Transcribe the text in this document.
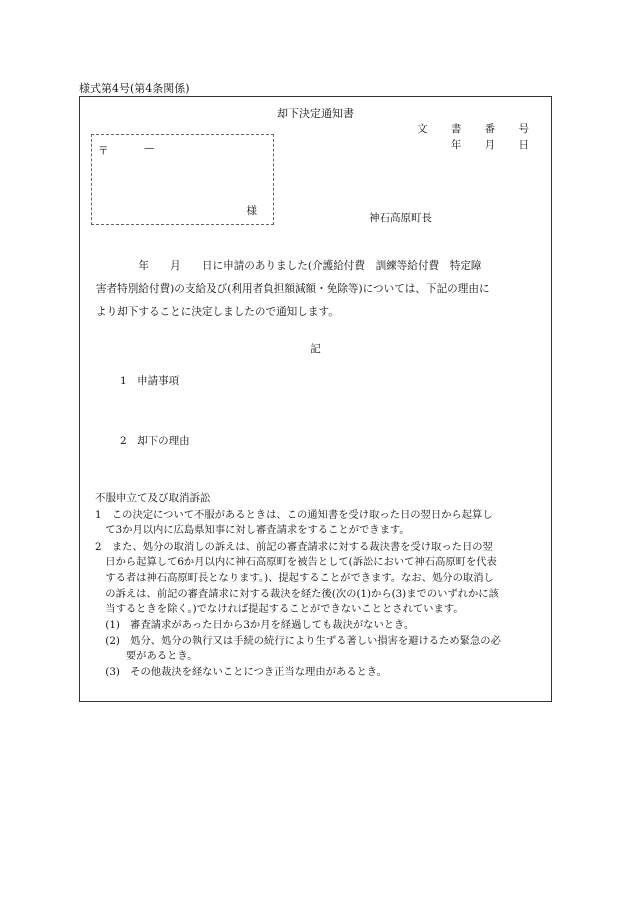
様式第4号(第4条関係)
却下決定通知書
文 書 番 号
年 月 日
〒	—
様
神石高原町長
　　　　年　　月　　日に申請のありました(介護給付費　訓練等給付費　特定障
害者特別給付費)の支給及び(利用者負担額減額・免除等)については、下記の理由に
より却下することに決定しましたので通知します。
記
1　申請事項
2　却下の理由
不服申立て及び取消訴訟
1　この決定について不服があるときは、この通知書を受け取った日の翌日から起算し
　て3か月以内に広島県知事に対し審査請求をすることができます。
2　また、処分の取消しの訴えは、前記の審査請求に対する裁決書を受け取った日の翌
　日から起算して6か月以内に神石高原町を被告として(訴訟において神石高原町を代表
　する者は神石高原町長となります。)、提起することができます。なお、処分の取消し
　の訴えは、前記の審査請求に対する裁決を経た後(次の(1)から(3)までのいずれかに該
　当するときを除く。)でなければ提起することができないこととされています。
　(1)　審査請求があった日から3か月を経過しても裁決がないとき。
　(2)　処分、処分の執行又は手続の続行により生ずる著しい損害を避けるため緊急の必
　　　要があるとき。
　(3)　その他裁決を経ないことにつき正当な理由があるとき。
